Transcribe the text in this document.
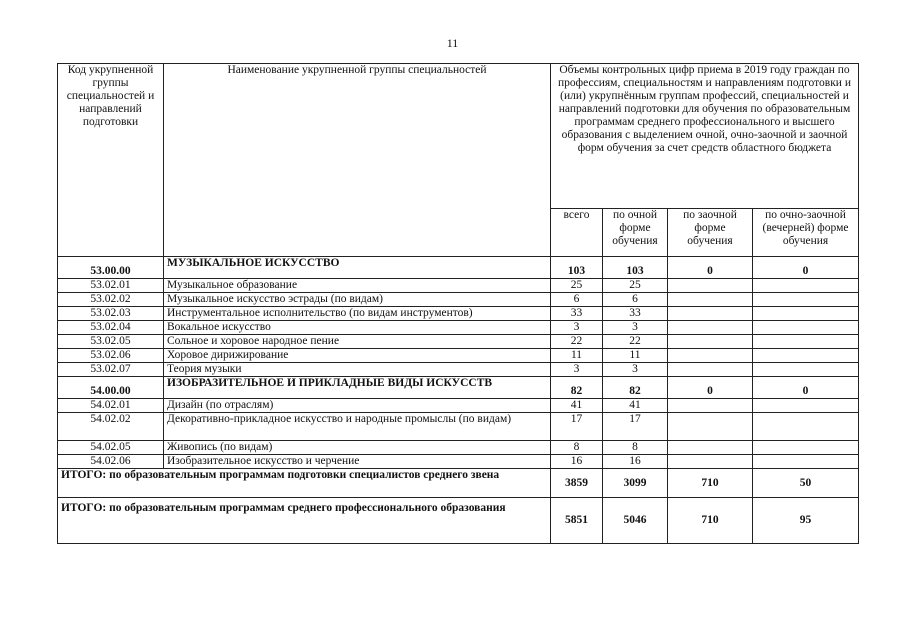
11
Код укрупненной группы специальностей и направлений подготовки	Наименование укрупненной группы специальностей	Объемы контрольных цифр приема в 2019 году граждан по профессиям, специальностям и направлениям подготовки и (или) укрупнённым группам профессий, специальностей и направлений подготовки для обучения по образовательным программам среднего профессионального и высшего образования с выделением очной, очно-заочной и заочной форм обучения за счет средств областного бюджета			
		всего	по очной форме обучения	по заочной форме обучения	по очно-заочной (вечерней) форме обучения
53.00.00	МУЗЫКАЛЬНОЕ ИСКУССТВО	103	103	0	0
53.02.01	Музыкальное образование	25	25		
53.02.02	Музыкальное искусство эстрады (по видам)	6	6		
53.02.03	Инструментальное исполнительство (по видам инструментов)	33	33		
53.02.04	Вокальное искусство	3	3		
53.02.05	Сольное и хоровое народное пение	22	22		
53.02.06	Хоровое дирижирование	11	11		
53.02.07	Теория музыки	3	3		
54.00.00	ИЗОБРАЗИТЕЛЬНОЕ И ПРИКЛАДНЫЕ ВИДЫ ИСКУССТВ	82	82	0	0
54.02.01	Дизайн (по отраслям)	41	41		
54.02.02	Декоративно-прикладное искусство и народные промыслы (по видам)	17	17		
54.02.05	Живопись (по видам)	8	8		
54.02.06	Изобразительное искусство и черчение	16	16		
ИТОГО: по образовательным программам подготовки специалистов среднего звена		3859	3099	710	50
ИТОГО: по образовательным программам среднего профессионального образования		5851	5046	710	95
